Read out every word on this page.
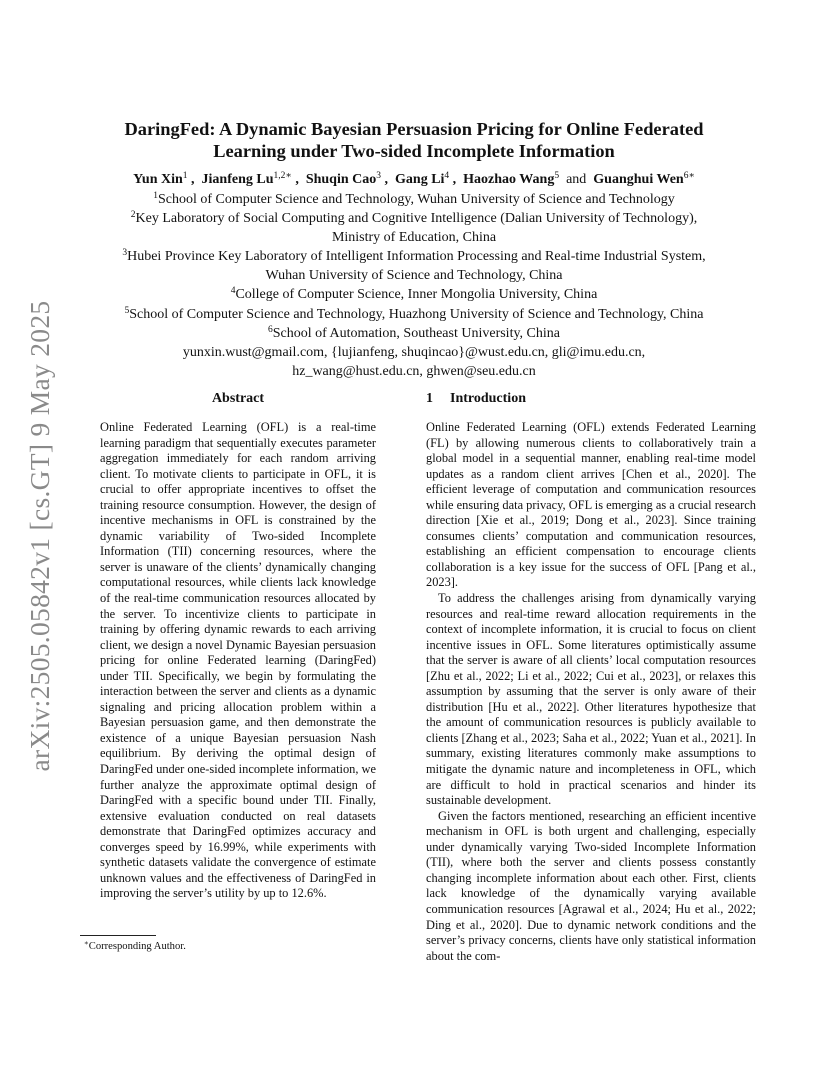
arXiv:2505.05842v1 [cs.GT] 9 May 2025
DaringFed: A Dynamic Bayesian Persuasion Pricing for Online Federated
Learning under Two-sided Incomplete Information
Yun Xin$^1$ ,  Jianfeng $Lu^{1,2∗}$ ,  Shuqin Cao$^3$ ,  Gang Li$^4$ ,  Haozhao Wang$^5$ and Guanghui Wen$^{6∗}$
$^1$School of Computer Science and Technology, Wuhan University of Science and Technology
$^2$Key Laboratory of Social Computing and Cognitive Intelligence (Dalian University of Technology),
Ministry of Education, China
$^3$Hubei Province Key Laboratory of Intelligent Information Processing and Real-time Industrial System,
Wuhan University of Science and Technology, China
$^4$College of Computer Science, Inner Mongolia University, China
$^5$School of Computer Science and Technology, Huazhong University of Science and Technology, China
$^6$School of Automation, Southeast University, China
yunxin.wust@gmail.com, {lujianfeng, shuqincao}@wust.edu.cn, gli@imu.edu.cn,
hz_wang@hust.edu.cn, ghwen@seu.edu.cn
Abstract

Online Federated Learning (OFL) is a real-time learning paradigm that sequentially executes parameter aggregation immediately for each random arriving client. To motivate clients to participate in OFL, it is crucial to offer appropriate incentives to offset the training resource consumption. However, the design of incentive mechanisms in OFL is constrained by the dynamic variability of Two-sided Incomplete Information (TII) concerning resources, where the server is unaware of the clients’ dynamically changing computational resources, while clients lack knowledge of the real-time communication resources allocated by the server. To incentivize clients to participate in training by offering dynamic rewards to each arriving client, we design a novel Dynamic Bayesian persuasion pricing for online Federated learning (DaringFed) under TII. Specifically, we begin by formulating the interaction between the server and clients as a dynamic signaling and pricing allocation problem within a Bayesian persuasion game, and then demonstrate the existence of a unique Bayesian persuasion Nash equilibrium. By deriving the optimal design of DaringFed under one-sided incomplete information, we further analyze the approximate optimal design of DaringFed with a specific bound under TII. Finally, extensive evaluation conducted on real datasets demonstrate that DaringFed optimizes accuracy and converges speed by 16.99%, while experiments with synthetic datasets validate the convergence of estimate unknown values and the effectiveness of DaringFed in improving the server’s utility by up to 12.6%.

1 Introduction

Online Federated Learning (OFL) extends Federated Learning (FL) by allowing numerous clients to collaboratively train a global model in a sequential manner, enabling real-time model updates as a random client arrives [Chen et al., 2020]. The efficient leverage of computation and communication resources while ensuring data privacy, OFL is emerging as a crucial research direction [Xie et al., 2019; Dong et al., 2023]. Since training consumes clients’ computation and communication resources, establishing an efficient compensation to encourage clients collaboration is a key issue for the success of OFL [Pang et al., 2023].

To address the challenges arising from dynamically varying resources and real-time reward allocation requirements in the context of incomplete information, it is crucial to focus on client incentive issues in OFL. Some literatures optimistically assume that the server is aware of all clients’ local computation resources [Zhu et al., 2022; Li et al., 2022; Cui et al., 2023], or relaxes this assumption by assuming that the server is only aware of their distribution [Hu et al., 2022]. Other literatures hypothesize that the amount of communication resources is publicly available to clients [Zhang et al., 2023; Saha et al., 2022; Yuan et al., 2021]. In summary, existing literatures commonly make assumptions to mitigate the dynamic nature and incompleteness in OFL, which are difficult to hold in practical scenarios and hinder its sustainable development.

Given the factors mentioned, researching an efficient incentive mechanism in OFL is both urgent and challenging, especially under dynamically varying Two-sided Incomplete Information (TII), where both the server and clients possess constantly changing incomplete information about each other. First, clients lack knowledge of the dynamically varying available communication resources [Agrawal et al., 2024; Hu et al., 2022; Ding et al., 2020]. Due to dynamic network conditions and the server’s privacy concerns, clients have only statistical information about the com-

∗Corresponding Author.
